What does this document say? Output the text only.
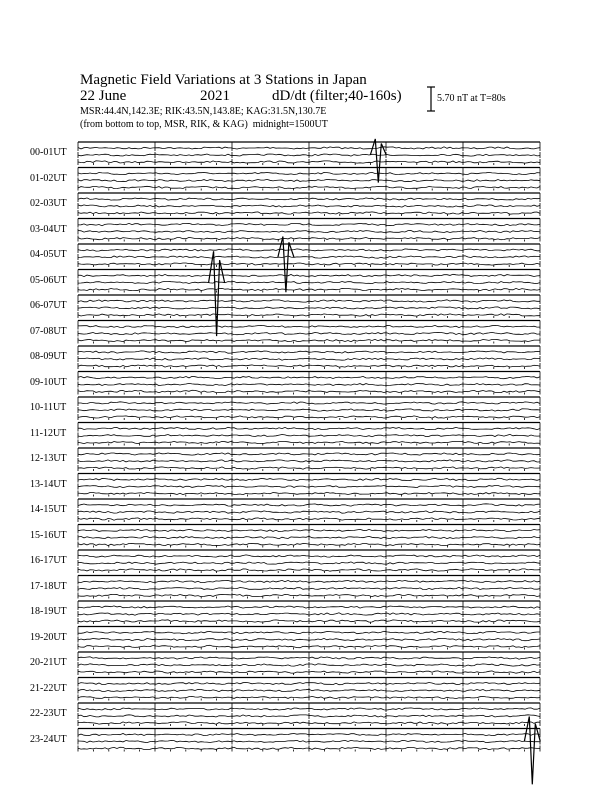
Magnetic Field Variations at 3 Stations in Japan
22 June	2021	dD/dt (filter;40-160s)
MSR:44.4N,142.3E; RIK:43.5N,143.8E; KAG:31.5N,130.7E
(from bottom to top, MSR, RIK, & KAG) midnight=1500UT
5.70 nT at T=80s
00-01UT
01-02UT
02-03UT
03-04UT
04-05UT
05-06UT
06-07UT
07-08UT
08-09UT
09-10UT
10-11UT
11-12UT
12-13UT
13-14UT
14-15UT
15-16UT
16-17UT
17-18UT
18-19UT
19-20UT
20-21UT
21-22UT
22-23UT
23-24UT
